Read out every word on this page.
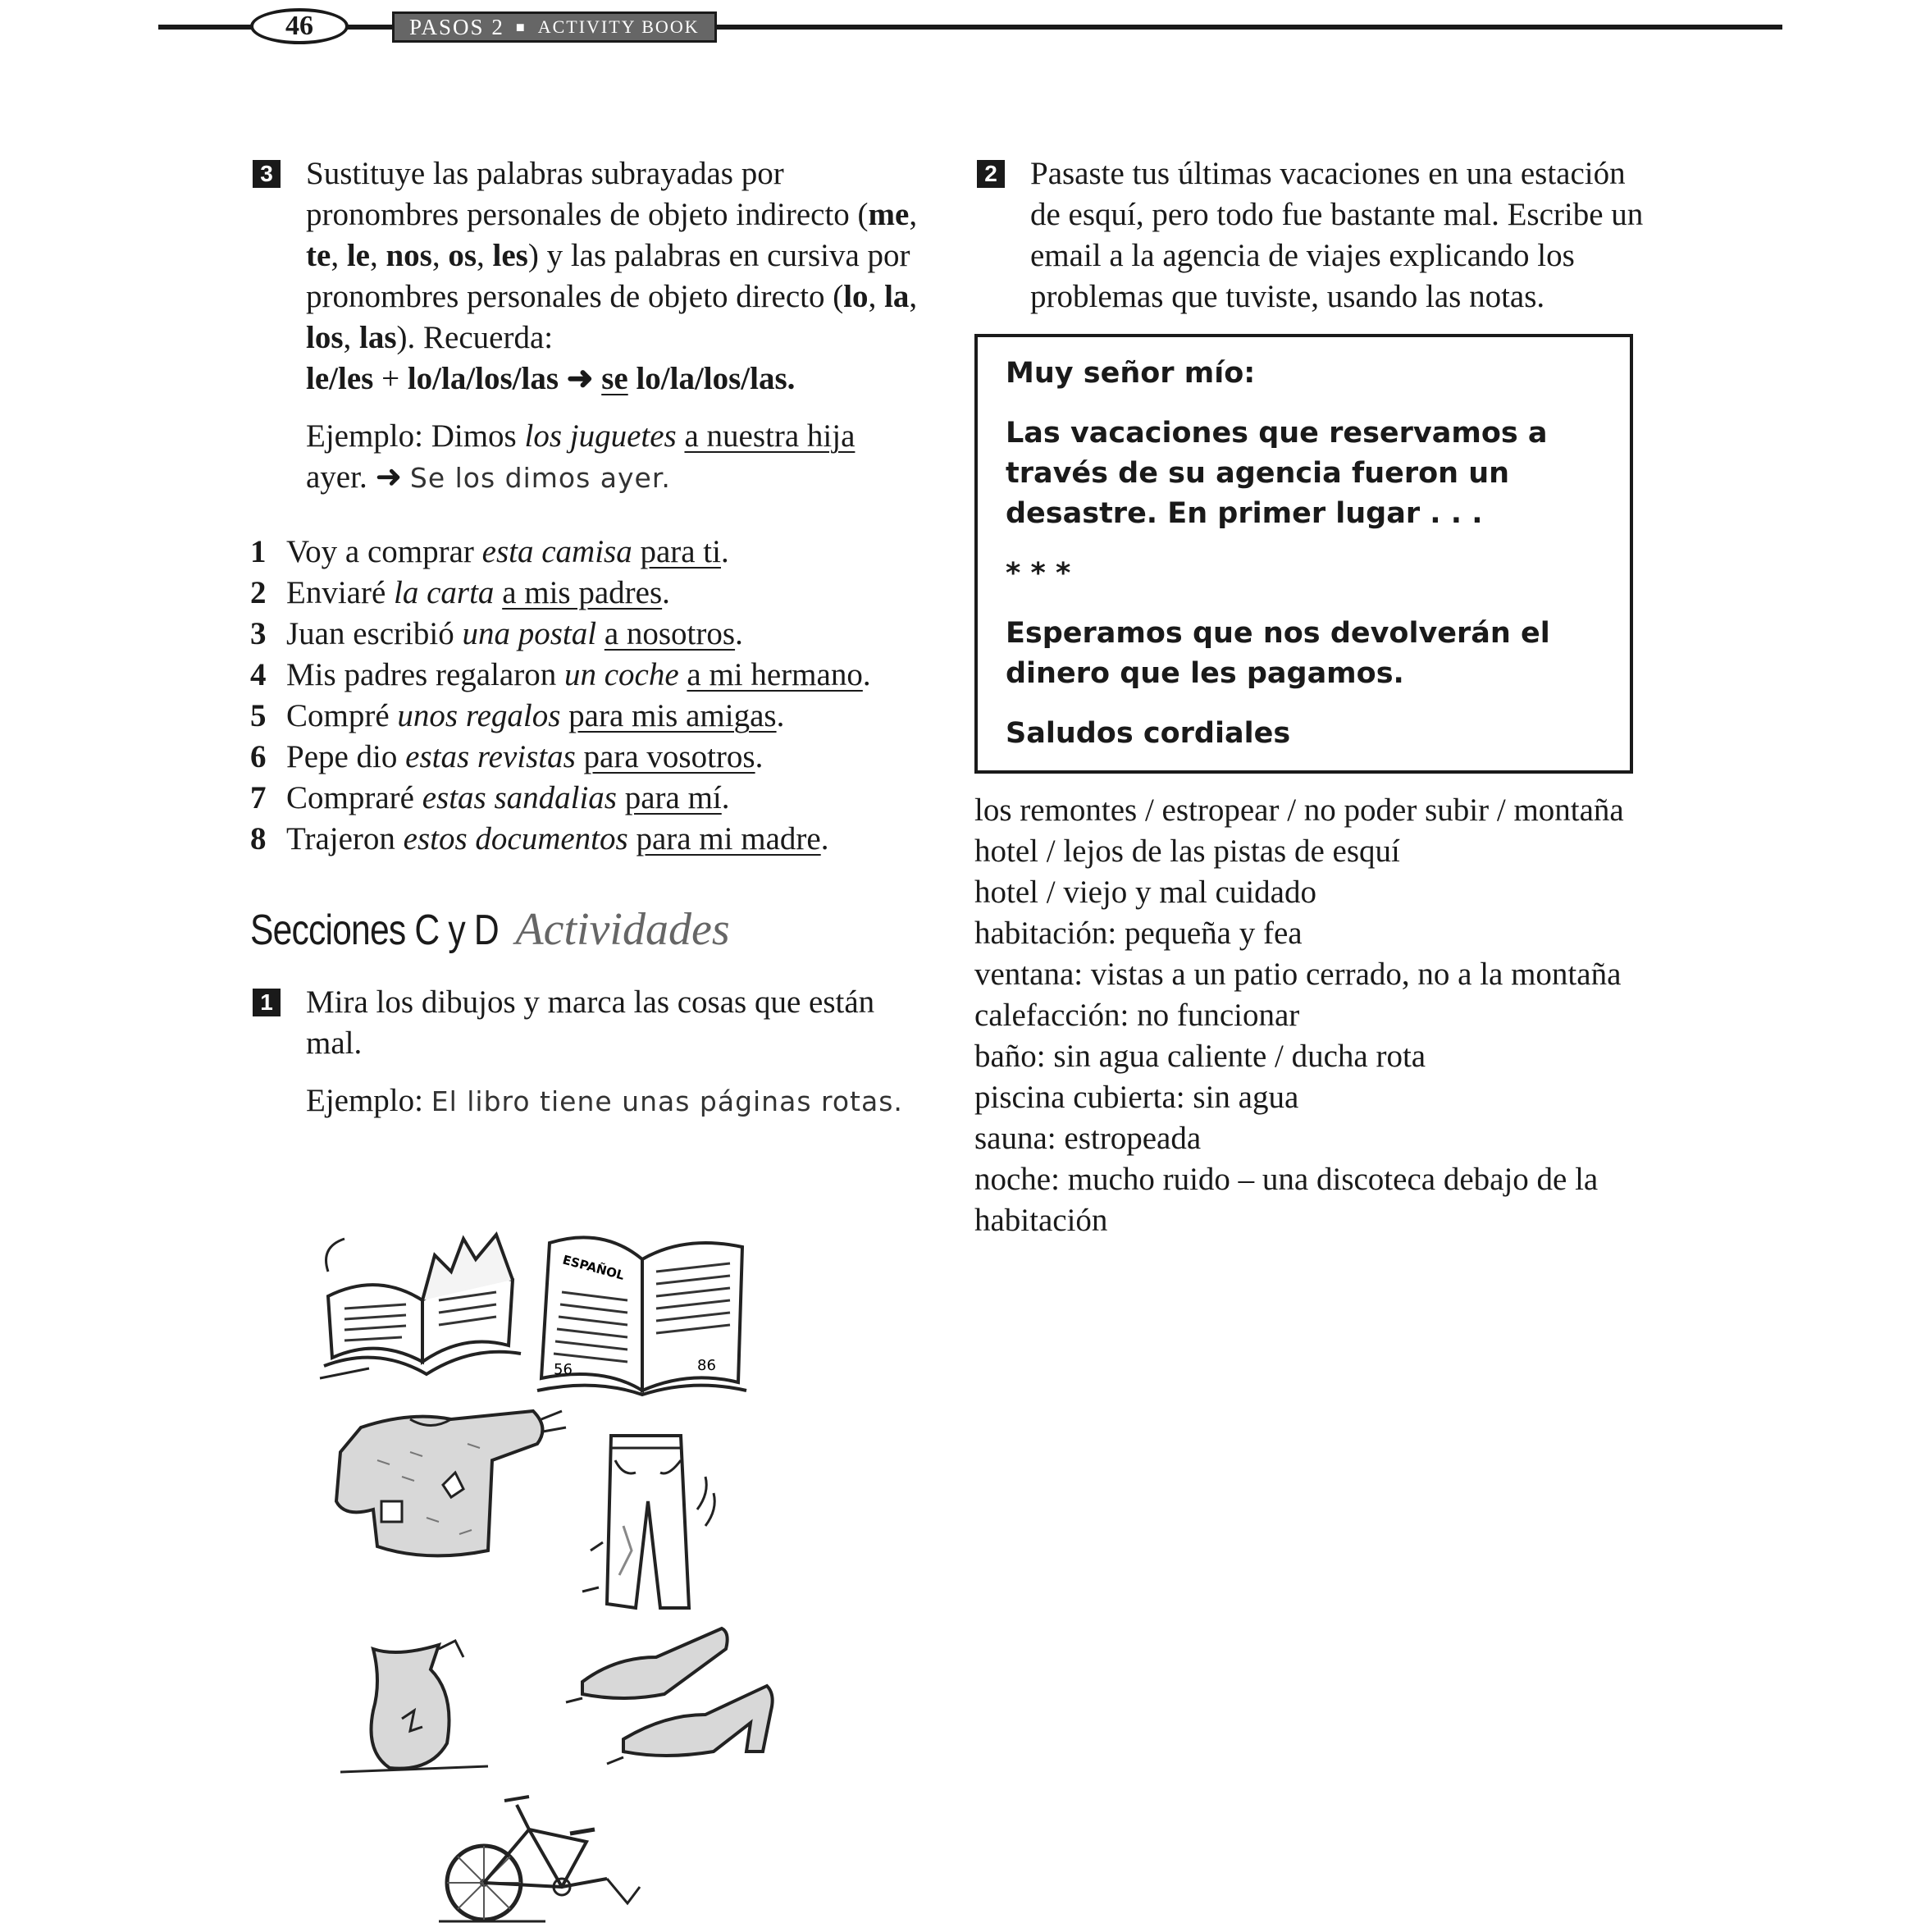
46	PASOS 2 ■ ACTIVITY BOOK
3 Sustituye las palabras subrayadas por pronombres personales de objeto indirecto (me, te, le, nos, os, les) y las palabras en cursiva por pronombres personales de objeto directo (lo, la, los, las). Recuerda:
le/les + lo/la/los/las ➜ se lo/la/los/las.

Ejemplo: Dimos los juguetes a nuestra hija
ayer. ➜ Se los dimos ayer.

1 Voy a comprar esta camisa para ti.
2 Enviaré la carta a mis padres.
3 Juan escribió una postal a nosotros.
4 Mis padres regalaron un coche a mi hermano.
5 Compré unos regalos para mis amigas.
6 Pepe dio estas revistas para vosotros.
7 Compraré estas sandalias para mí.
8 Trajeron estos documentos para mi madre.
Secciones C y D Actividades
1 Mira los dibujos y marca las cosas que están mal.

Ejemplo: El libro tiene unas páginas rotas.

ESPAÑOL
56	86
2 Pasaste tus últimas vacaciones en una estación de esquí, pero todo fue bastante mal. Escribe un email a la agencia de viajes explicando los problemas que tuviste, usando las notas.

Muy señor mío:

Las vacaciones que reservamos a través de su agencia fueron un desastre. En primer lugar . . .

* * *

Esperamos que nos devolverán el dinero que les pagamos.

Saludos cordiales

los remontes / estropear / no poder subir / montaña
hotel / lejos de las pistas de esquí
hotel / viejo y mal cuidado
habitación: pequeña y fea
ventana: vistas a un patio cerrado, no a la montaña
calefacción: no funcionar
baño: sin agua caliente / ducha rota
piscina cubierta: sin agua
sauna: estropeada
noche: mucho ruido – una discoteca debajo de la habitación
